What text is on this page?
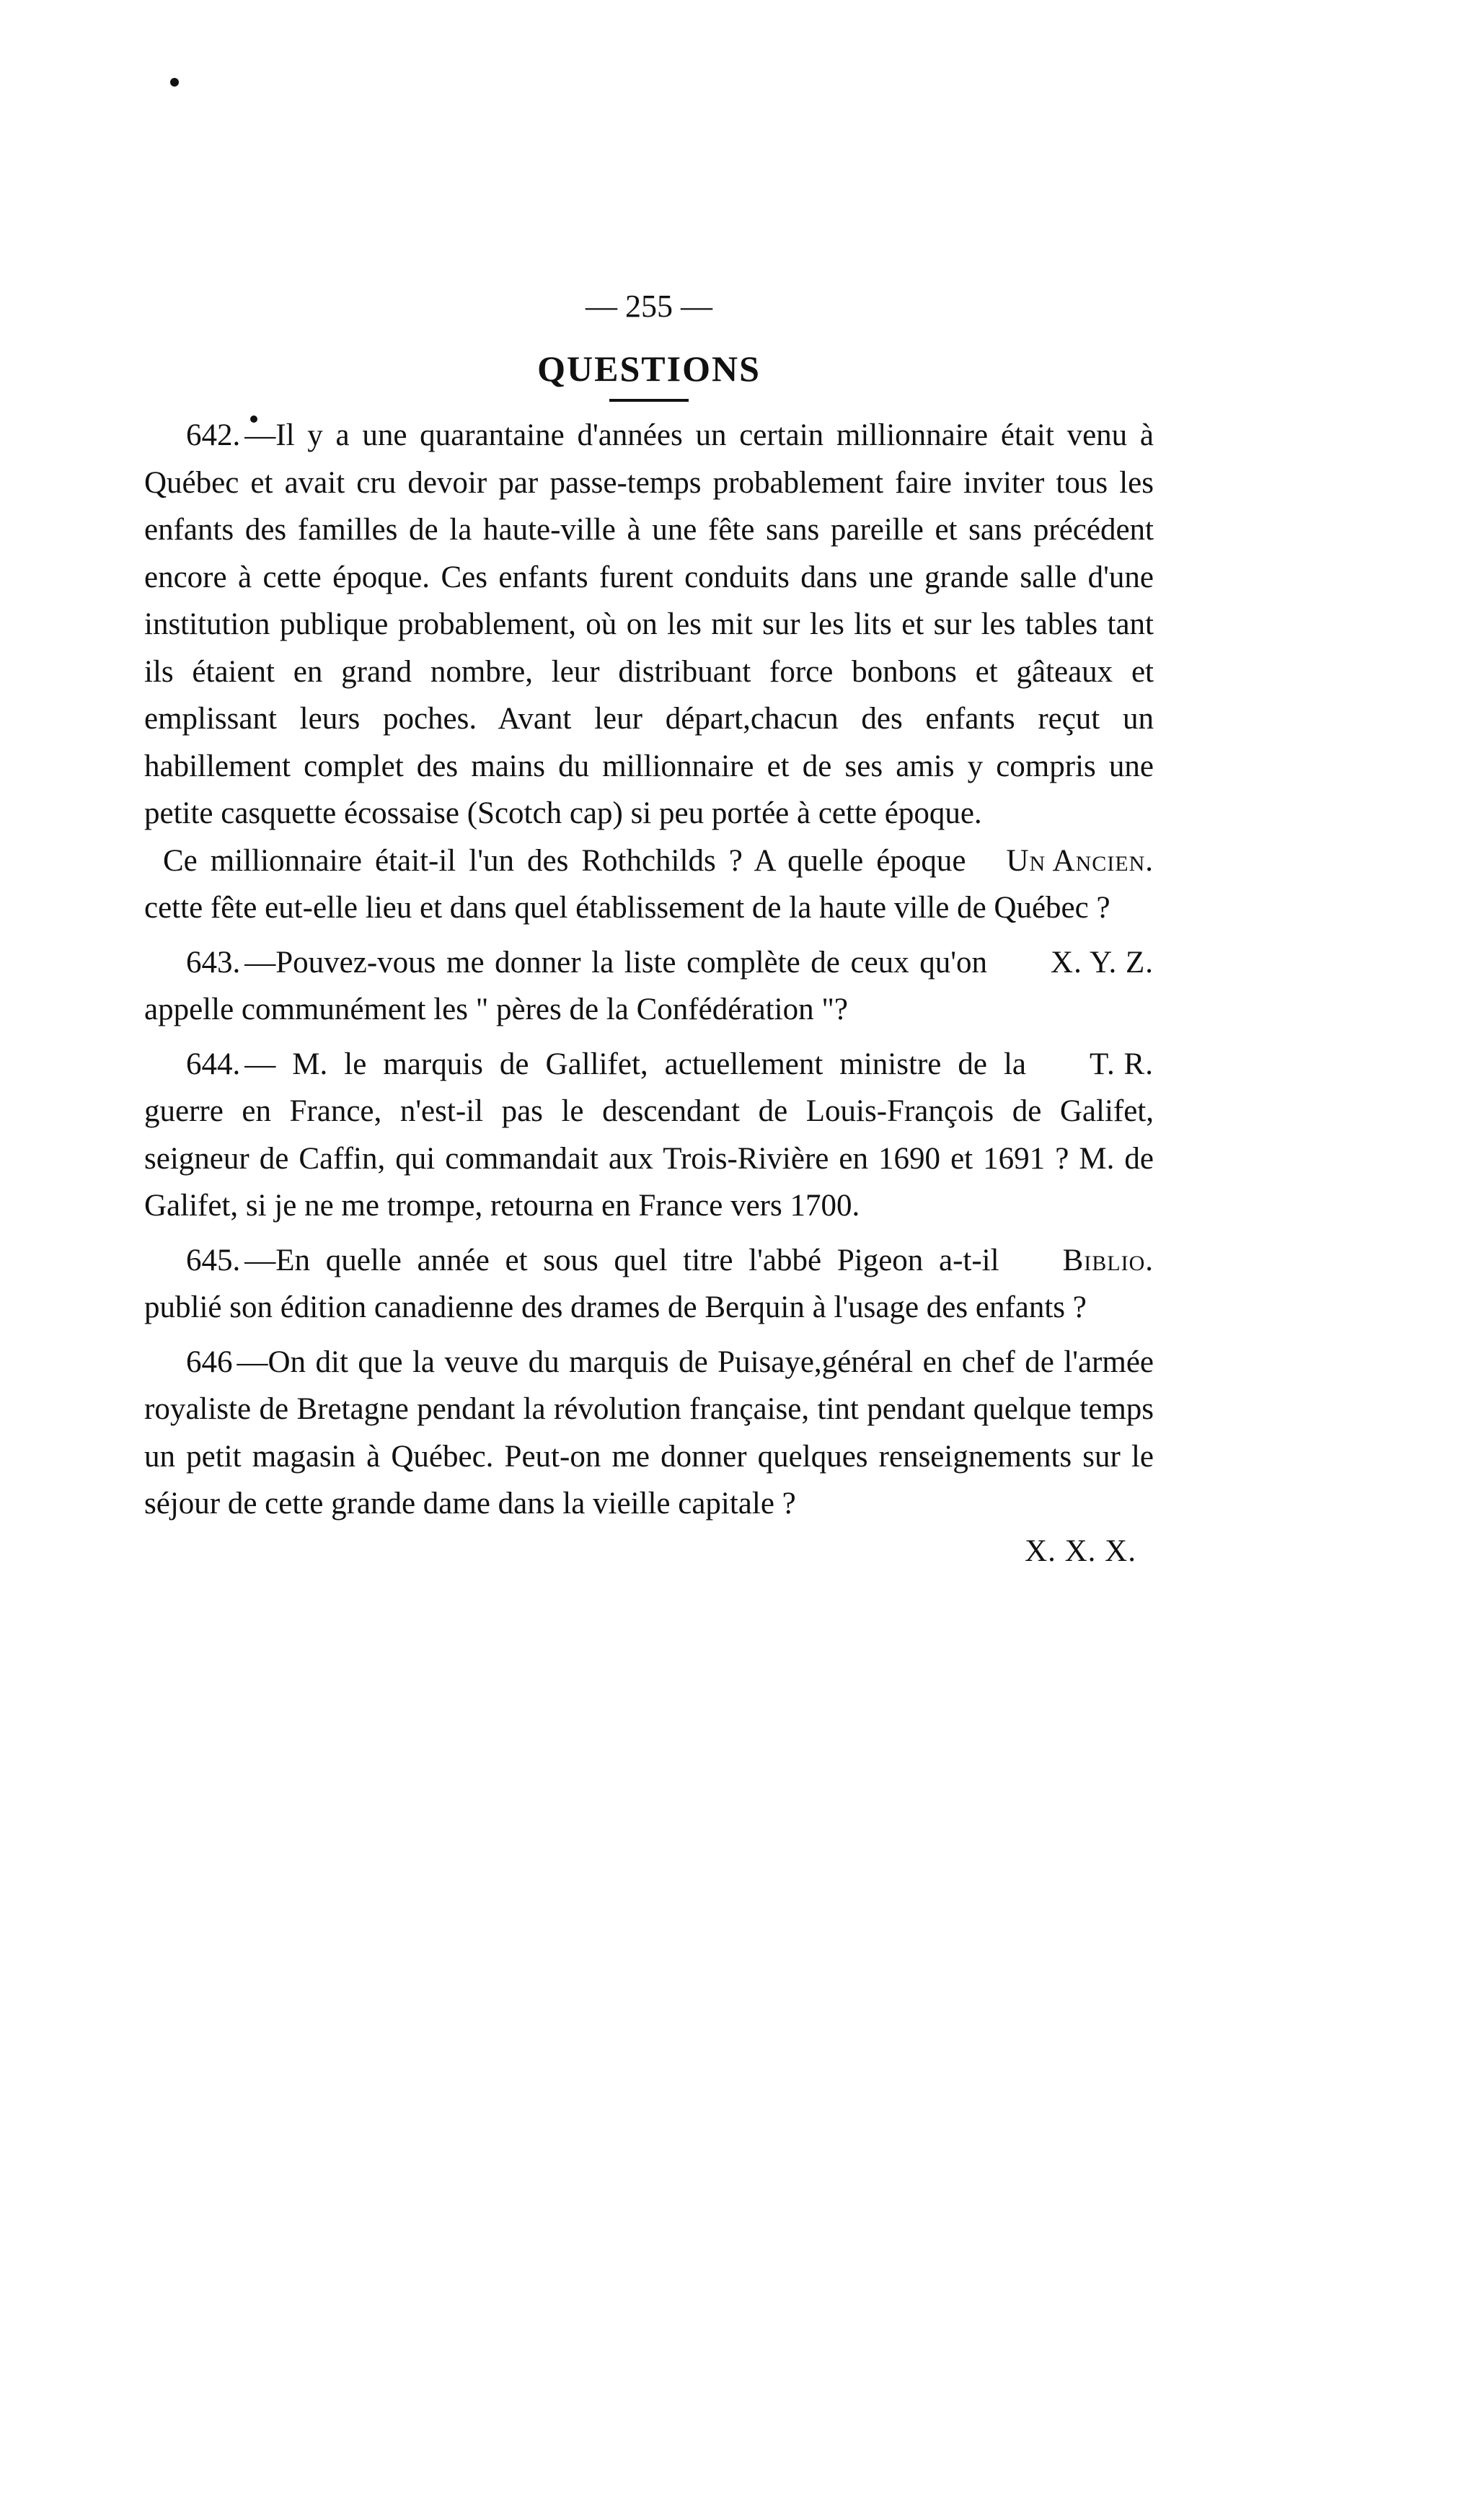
— 255 —
QUESTIONS

642. —Il y a une quarantaine d'années un certain millionnaire était venu à Québec et avait cru devoir par passe-temps probablement faire inviter tous les enfants des familles de la haute-ville à une fête sans pareille et sans précédent encore à cette époque. Ces enfants furent conduits dans une grande salle d'une institution publique probablement, où on les mit sur les lits et sur les tables tant ils étaient en grand nombre, leur distribuant force bonbons et gâteaux et emplissant leurs poches. Avant leur départ,chacun des enfants reçut un habillement complet des mains du millionnaire et de ses amis y compris une petite casquette écossaise (Scotch cap) si peu portée à cette époque.

Un Ancien.
Ce millionnaire était-il l'un des Rothchilds ? A quelle époque cette fête eut-elle lieu et dans quel établissement de la haute ville de Québec ?

X. Y. Z.
643. —Pouvez-vous me donner la liste complète de ceux qu'on appelle communément les " pères de la Confédération "?

T. R.
644. — M. le marquis de Gallifet, actuellement ministre de la guerre en France, n'est-il pas le descendant de Louis-François de Galifet, seigneur de Caffin, qui commandait aux Trois-Rivière en 1690 et 1691 ? M. de Galifet, si je ne me trompe, retourna en France vers 1700.

Biblio.
645. —En quelle année et sous quel titre l'abbé Pigeon a-t-il publié son édition canadienne des drames de Berquin à l'usage des enfants ?

646 —On dit que la veuve du marquis de Puisaye,général en chef de l'armée royaliste de Bretagne pendant la révolution française, tint pendant quelque temps un petit magasin à Québec. Peut-on me donner quelques renseignements sur le séjour de cette grande dame dans la vieille capitale ?

X. X. X.
